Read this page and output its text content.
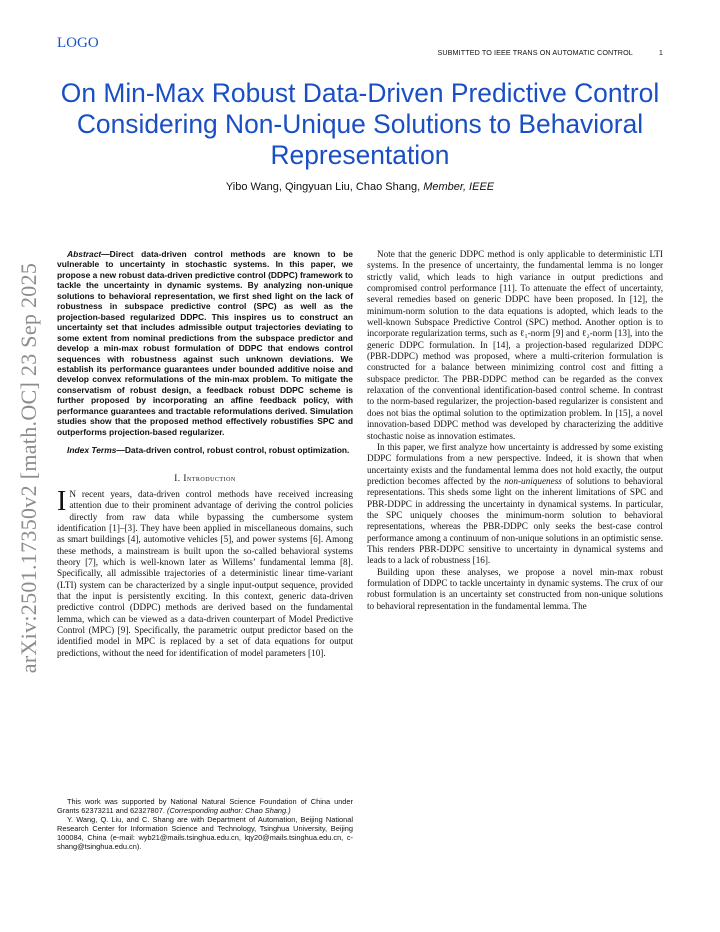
LOGO
SUBMITTED TO IEEE TRANS ON AUTOMATIC CONTROL	1
arXiv:2501.17350v2 [math.OC] 23 Sep 2025
On Min-Max Robust Data-Driven Predictive Control Considering Non-Unique Solutions to Behavioral Representation
Yibo Wang, Qingyuan Liu, Chao Shang, Member, IEEE

Abstract—Direct data-driven control methods are known to be vulnerable to uncertainty in stochastic systems. In this paper, we propose a new robust data-driven predictive control (DDPC) framework to tackle the uncertainty in dynamic systems. By analyzing non-unique solutions to behavioral representation, we first shed light on the lack of robustness in subspace predictive control (SPC) as well as the projection-based regularized DDPC. This inspires us to construct an uncertainty set that includes admissible output trajectories deviating to some extent from nominal predictions from the subspace predictor and develop a min-max robust formulation of DDPC that endows control sequences with robustness against such unknown deviations. We establish its performance guarantees under bounded additive noise and develop convex reformulations of the min-max problem. To mitigate the conservatism of robust design, a feedback robust DDPC scheme is further proposed by incorporating an affine feedback policy, with performance guarantees and tractable reformulations derived. Simulation studies show that the proposed method effectively robustifies SPC and outperforms projection-based regularizer.

Index Terms—Data-driven control, robust control, robust optimization.

I. Introduction

I N recent years, data-driven control methods have received increasing attention due to their prominent advantage of deriving the control policies directly from raw data while bypassing the cumbersome system identification [1]–[3]. They have been applied in miscellaneous domains, such as smart buildings [4], automotive vehicles [5], and power systems [6]. Among these methods, a mainstream is built upon the so-called behavioral systems theory [7], which is well-known later as Willems’ fundamental lemma [8]. Specifically, all admissible trajectories of a deterministic linear time-variant (LTI) system can be characterized by a single input-output sequence, provided that the input is persistently exciting. In this context, generic data-driven predictive control (DDPC) methods are derived based on the fundamental lemma, which can be viewed as a data-driven counterpart of Model Predictive Control (MPC) [9]. Specifically, the parametric output predictor based on the identified model in MPC is replaced by a set of data equations for output predictions, without the need for identification of model parameters [10].

Note that the generic DDPC method is only applicable to deterministic LTI systems. In the presence of uncertainty, the fundamental lemma is no longer strictly valid, which leads to high variance in output predictions and compromised control performance [11]. To attenuate the effect of uncertainty, several remedies based on generic DDPC have been proposed. In [12], the minimum-norm solution to the data equations is adopted, which leads to the well-known Subspace Predictive Control (SPC) method. Another option is to incorporate regularization terms, such as ℓ₁-norm [9] and ℓ₂-norm [13], into the generic DDPC formulation. In [14], a projection-based regularized DDPC (PBR-DDPC) method was proposed, where a multi-criterion formulation is constructed for a balance between minimizing control cost and fitting a subspace predictor. The PBR-DDPC method can be regarded as the convex relaxation of the conventional identification-based control scheme. In contrast to the norm-based regularizer, the projection-based regularizer is consistent and does not bias the optimal solution to the optimization problem. In [15], a novel innovation-based DDPC method was developed by characterizing the additive stochastic noise as innovation estimates.

In this paper, we first analyze how uncertainty is addressed by some existing DDPC formulations from a new perspective. Indeed, it is shown that when uncertainty exists and the fundamental lemma does not hold exactly, the output prediction becomes affected by the non-uniqueness of solutions to behavioral representations. This sheds some light on the inherent limitations of SPC and PBR-DDPC in addressing the uncertainty in dynamical systems. In particular, the SPC uniquely chooses the minimum-norm solution to behavioral representations, whereas the PBR-DDPC only seeks the best-case control performance among a continuum of non-unique solutions in an optimistic sense. This renders PBR-DDPC sensitive to uncertainty in dynamical systems and leads to a lack of robustness [16].

Building upon these analyses, we propose a novel min-max robust formulation of DDPC to tackle uncertainty in dynamic systems. The crux of our robust formulation is an uncertainty set constructed from non-unique solutions to behavioral representation in the fundamental lemma. The

This work was supported by National Natural Science Foundation of China under Grants 62373211 and 62327807. (Corresponding author: Chao Shang.)

Y. Wang, Q. Liu, and C. Shang are with Department of Automation, Beijing National Research Center for Information Science and Technology, Tsinghua University, Beijing 100084, China (e-mail: wyb21@mails.tsinghua.edu.cn, lqy20@mails.tsinghua.edu.cn, c-shang@tsinghua.edu.cn).
